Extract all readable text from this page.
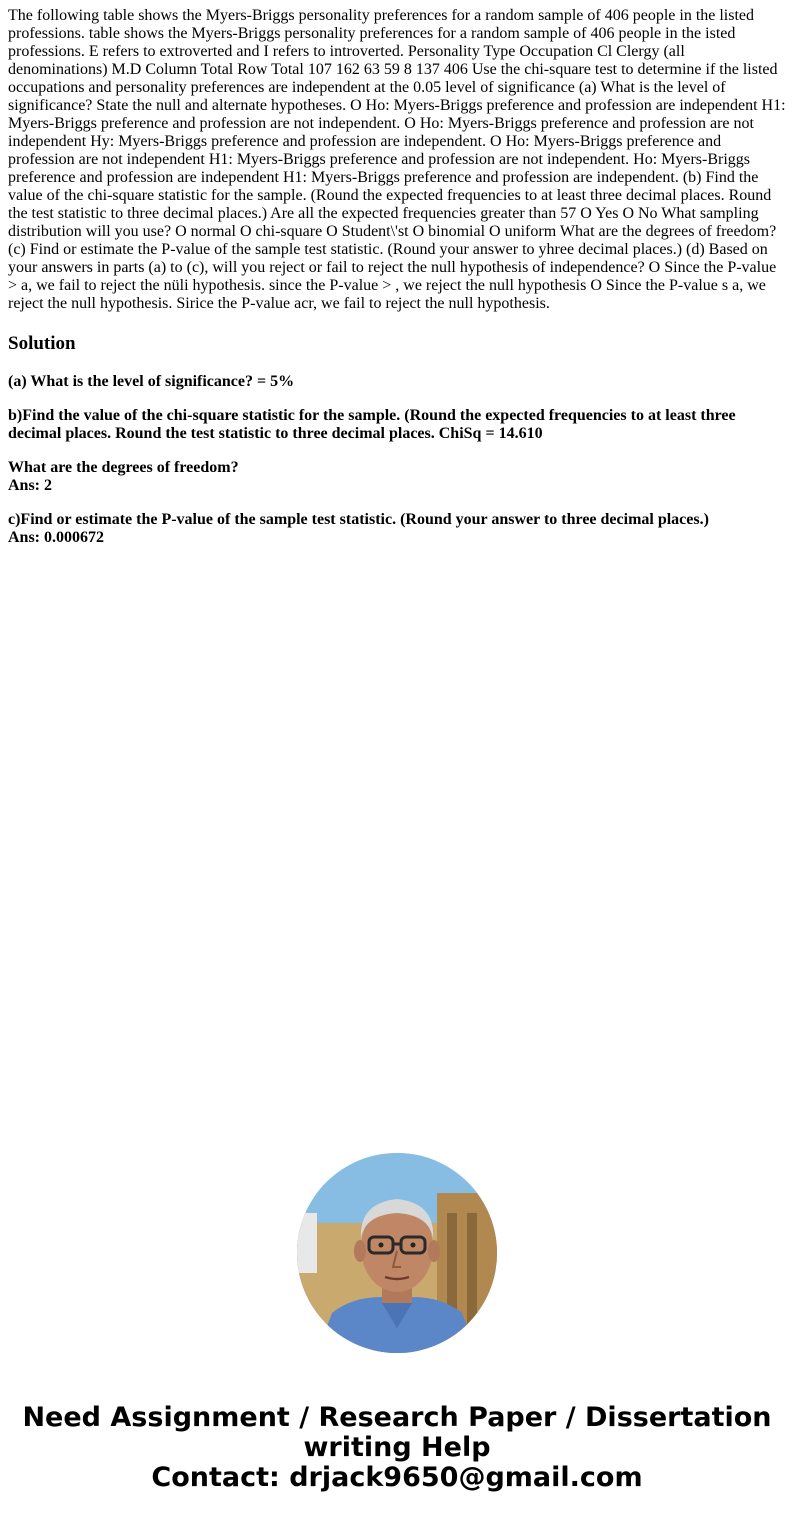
The following table shows the Myers-Briggs personality preferences for a random sample of 406 people in the listed professions. table shows the Myers-Briggs personality preferences for a random sample of 406 people in the isted professions. E refers to extroverted and I refers to introverted. Personality Type Occupation Cl Clergy (all denominations) M.D Column Total Row Total 107 162 63 59 8 137 406 Use the chi-square test to determine if the listed occupations and personality preferences are independent at the 0.05 level of significance (a) What is the level of significance? State the null and alternate hypotheses. O Ho: Myers-Briggs preference and profession are independent H1: Myers-Briggs preference and profession are not independent. O Ho: Myers-Briggs preference and profession are not independent Hy: Myers-Briggs preference and profession are independent. O Ho: Myers-Briggs preference and profession are not independent H1: Myers-Briggs preference and profession are not independent. Ho: Myers-Briggs preference and profession are independent H1: Myers-Briggs preference and profession are independent. (b) Find the value of the chi-square statistic for the sample. (Round the expected frequencies to at least three decimal places. Round the test statistic to three decimal places.) Are all the expected frequencies greater than 57 O Yes O No What sampling distribution will you use? O normal O chi-square O Student\'st O binomial O uniform What are the degrees of freedom? (c) Find or estimate the P-value of the sample test statistic. (Round your answer to yhree decimal places.) (d) Based on your answers in parts (a) to (c), will you reject or fail to reject the null hypothesis of independence? O Since the P-value > a, we fail to reject the nüli hypothesis. since the P-value > , we reject the null hypothesis O Since the P-value s a, we reject the null hypothesis. Sirice the P-value acr, we fail to reject the null hypothesis.

Solution

(a) What is the level of significance? = 5%

b)Find the value of the chi-square statistic for the sample. (Round the expected frequencies to at least three decimal places. Round the test statistic to three decimal places. ChiSq = 14.610

What are the degrees of freedom?
Ans: 2
c)Find or estimate the P-value of the sample test statistic. (Round your answer to three decimal places.)
Ans: 0.000672
Need Assignment / Research Paper / Dissertation
writing Help
Contact: drjack9650@gmail.com
